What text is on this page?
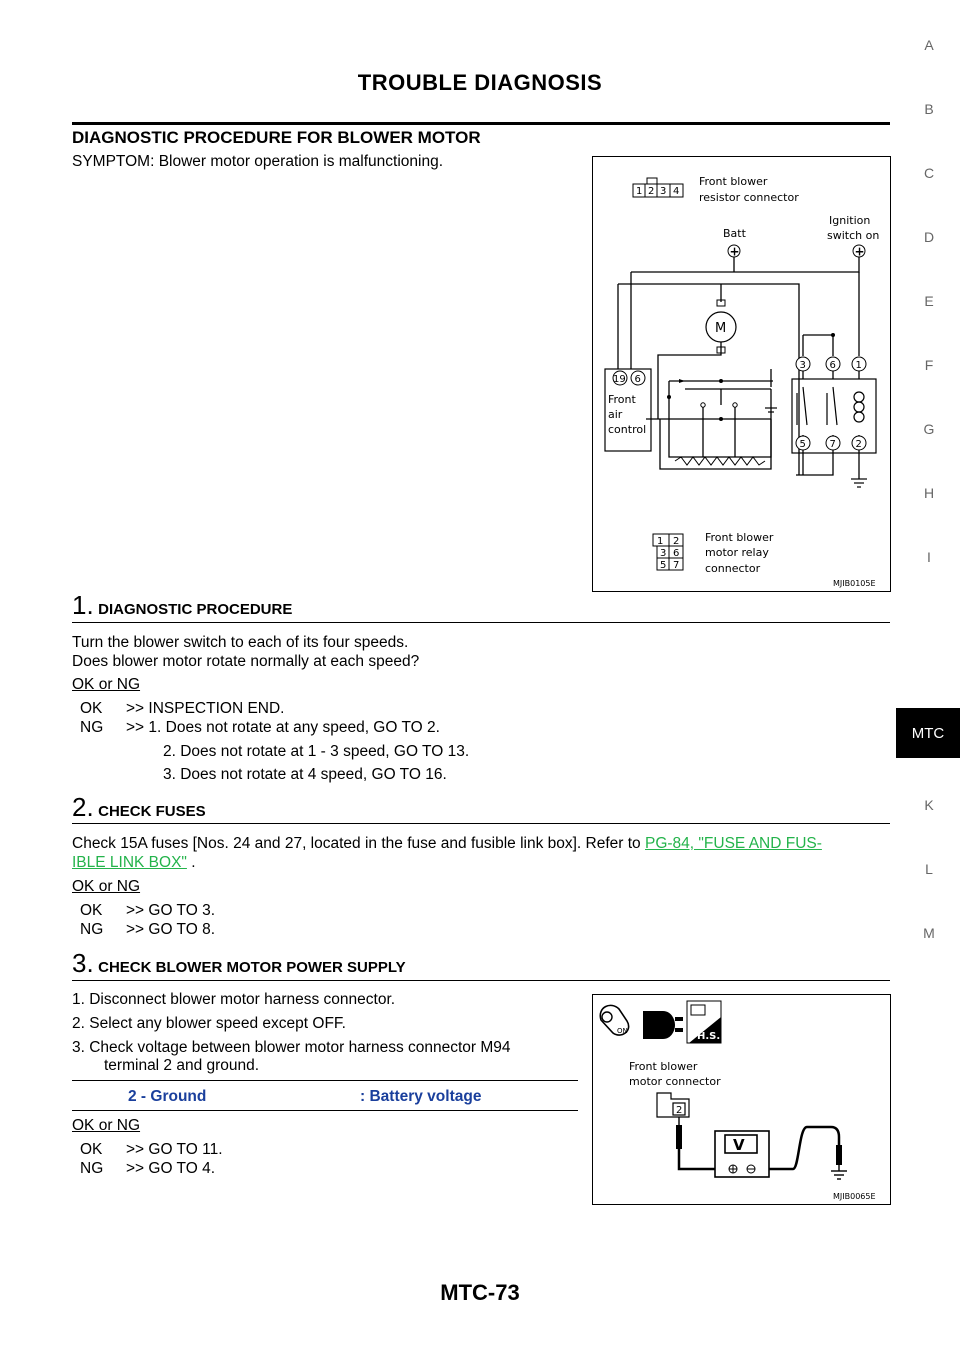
TROUBLE DIAGNOSIS
DIAGNOSTIC PROCEDURE FOR BLOWER MOTOR
SYMPTOM: Blower motor operation is malfunctioning.
1 2 3 4
Front blower
resistor connector
Batt
Ignition
switch on
+	+
M
19 6
Front
air
control
3 6 1
5 7 2
1 2
3 6
5 7
Front blower
motor relay
connector
MJIB0105E
1. DIAGNOSTIC PROCEDURE
Turn the blower switch to each of its four speeds.
Does blower motor rotate normally at each speed?
OK or NG
OK >> INSPECTION END.
NG >> 1. Does not rotate at any speed, GO TO 2.
2. Does not rotate at 1 - 3 speed, GO TO 13.
3. Does not rotate at 4 speed, GO TO 16.
2. CHECK FUSES
Check 15A fuses [Nos. 24 and 27, located in the fuse and fusible link box]. Refer to PG-84, "FUSE AND FUS-
IBLE LINK BOX" .
OK or NG
OK >> GO TO 3.
NG >> GO TO 8.
3. CHECK BLOWER MOTOR POWER SUPPLY
1. Disconnect blower motor harness connector.
2. Select any blower speed except OFF.
3. Check voltage between blower motor harness connector M94
terminal 2 and ground.
2 - Ground	: Battery voltage
OK or NG
OK >> GO TO 11.
NG >> GO TO 4.
ON	H.S.
Front blower
motor connector
2
V
MJIB0065E
A
B
C
D
E
F
G
H
I
MTC
K
L
M
MTC-73
